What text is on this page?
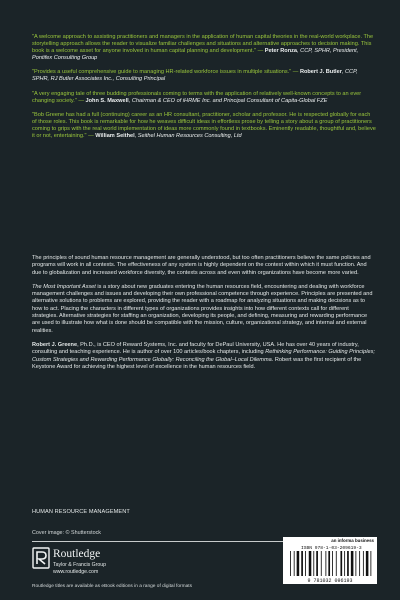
"A welcome approach to assisting practitioners and managers in the application of human capital theories in the real-world workplace. The storytelling approach allows the reader to visualize familiar challenges and situations and alternative approaches to decision making. This book is a welcome asset for anyone involved in human capital planning and development." — Peter Ronza, CCP, SPHR, President, Pontifex Consulting Group

"Provides a useful comprehensive guide to managing HR-related workforce issues in multiple situations." — Robert J. Butler, CCP, SPHR, RJ Butler Associates Inc., Consulting Principal

"A very engaging tale of three budding professionals coming to terms with the application of relatively well-known concepts to an ever changing society." — John S. Maxwell, Chairman & CEO of iHRME Inc. and Principal Consultant of Capita-Global FZE

"Bob Greene has had a full (continuing) career as an HR consultant, practitioner, scholar and professor. He is respected globally for each of those roles. This book is remarkable for how he weaves difficult ideas in effortless prose by telling a story about a group of practitioners coming to grips with the real world implementation of ideas more commonly found in textbooks. Eminently readable, thoughtful and, believe it or not, entertaining." — William Seithel, Seithel Human Resources Consulting, Ltd

The principles of sound human resource management are generally understood, but too often practitioners believe the same policies and programs will work in all contexts. The effectiveness of any system is highly dependent on the context within which it must function. And due to globalization and increased workforce diversity, the contexts across and even within organizations have become more varied.

The Most Important Asset is a story about new graduates entering the human resources field, encountering and dealing with workforce management challenges and issues and developing their own professional competence through experience. Principles are presented and alternative solutions to problems are explored, providing the reader with a roadmap for analyzing situations and making decisions as to how to act. Placing the characters in different types of organizations provides insights into how different contexts call for different strategies. Alternative strategies for staffing an organization, developing its people, and defining, measuring and rewarding performance are used to illustrate how what is done should be compatible with the mission, culture, organizational strategy, and internal and external realities.

Robert J. Greene, Ph.D., is CEO of Reward Systems, Inc. and faculty for DePaul University, USA. He has over 40 years of industry, consulting and teaching experience. He is author of over 100 articles/book chapters, including Rethinking Performance: Guiding Principles; Custom Strategies and Rewarding Performance Globally: Reconciling the Global–Local Dilemma. Robert was the first recipient of the Keystone Award for achieving the highest level of excellence in the human resources field.

HUMAN RESOURCE MANAGEMENT
Cover image: © Shutterstock
Routledge
Taylor & Francis Group
www.routledge.com
Routledge titles are available as eBook editions in a range of digital formats
an informa business
ISBN 978-1-03-209619-3
9 781032 096193
